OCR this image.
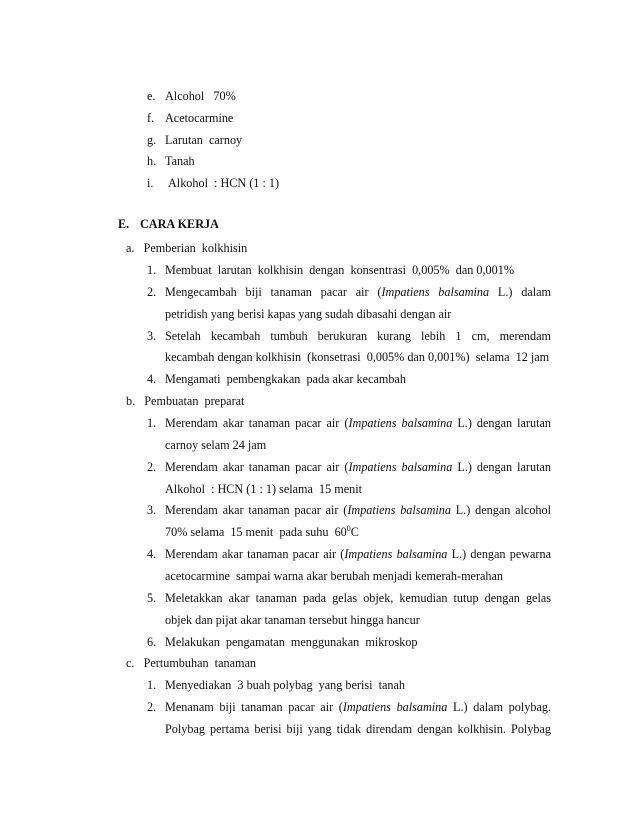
e. Alcohol   70%
f. Acetocarmine
g. Larutan  carnoy
h. Tanah
i. Alkohol  : HCN (1 : 1)
E. CARA KERJA
a.   Pemberian  kolkhisin
1. Membuat  larutan  kolkhisin  dengan  konsentrasi  0,005%  dan 0,001%
2. Mengecambah biji tanaman pacar air (Impatiens balsamina L.) dalam
petridish yang berisi kapas yang sudah dibasahi dengan air
3. Setelah kecambah tumbuh berukuran kurang lebih 1 cm, merendam
kecambah dengan kolkhisin  (konsetrasi  0,005% dan 0,001%)  selama  12 jam
4. Mengamati  pembengkakan  pada akar kecambah
b.   Pembuatan  preparat
1. Merendam akar tanaman pacar air (Impatiens balsamina L.) dengan larutan
carnoy selam 24 jam
2. Merendam akar tanaman pacar air (Impatiens balsamina L.) dengan larutan
Alkohol  : HCN (1 : 1) selama  15 menit
3. Merendam akar tanaman pacar air (Impatiens balsamina L.) dengan alcohol
70% selama  15 menit  pada suhu  $60^0C$
4. Merendam akar tanaman pacar air (Impatiens balsamina L.) dengan pewarna
acetocarmine  sampai warna akar berubah menjadi kemerah-merahan
5. Meletakkan akar tanaman pada gelas objek, kemudian tutup dengan gelas
objek dan pijat akar tanaman tersebut hingga hancur
6. Melakukan  pengamatan  menggunakan  mikroskop
c.   Pertumbuhan  tanaman
1. Menyediakan  3 buah polybag  yang berisi  tanah
2. Menanam biji tanaman pacar air (Impatiens balsamina L.) dalam polybag.
Polybag pertama berisi biji yang tidak direndam dengan kolkhisin. Polybag
